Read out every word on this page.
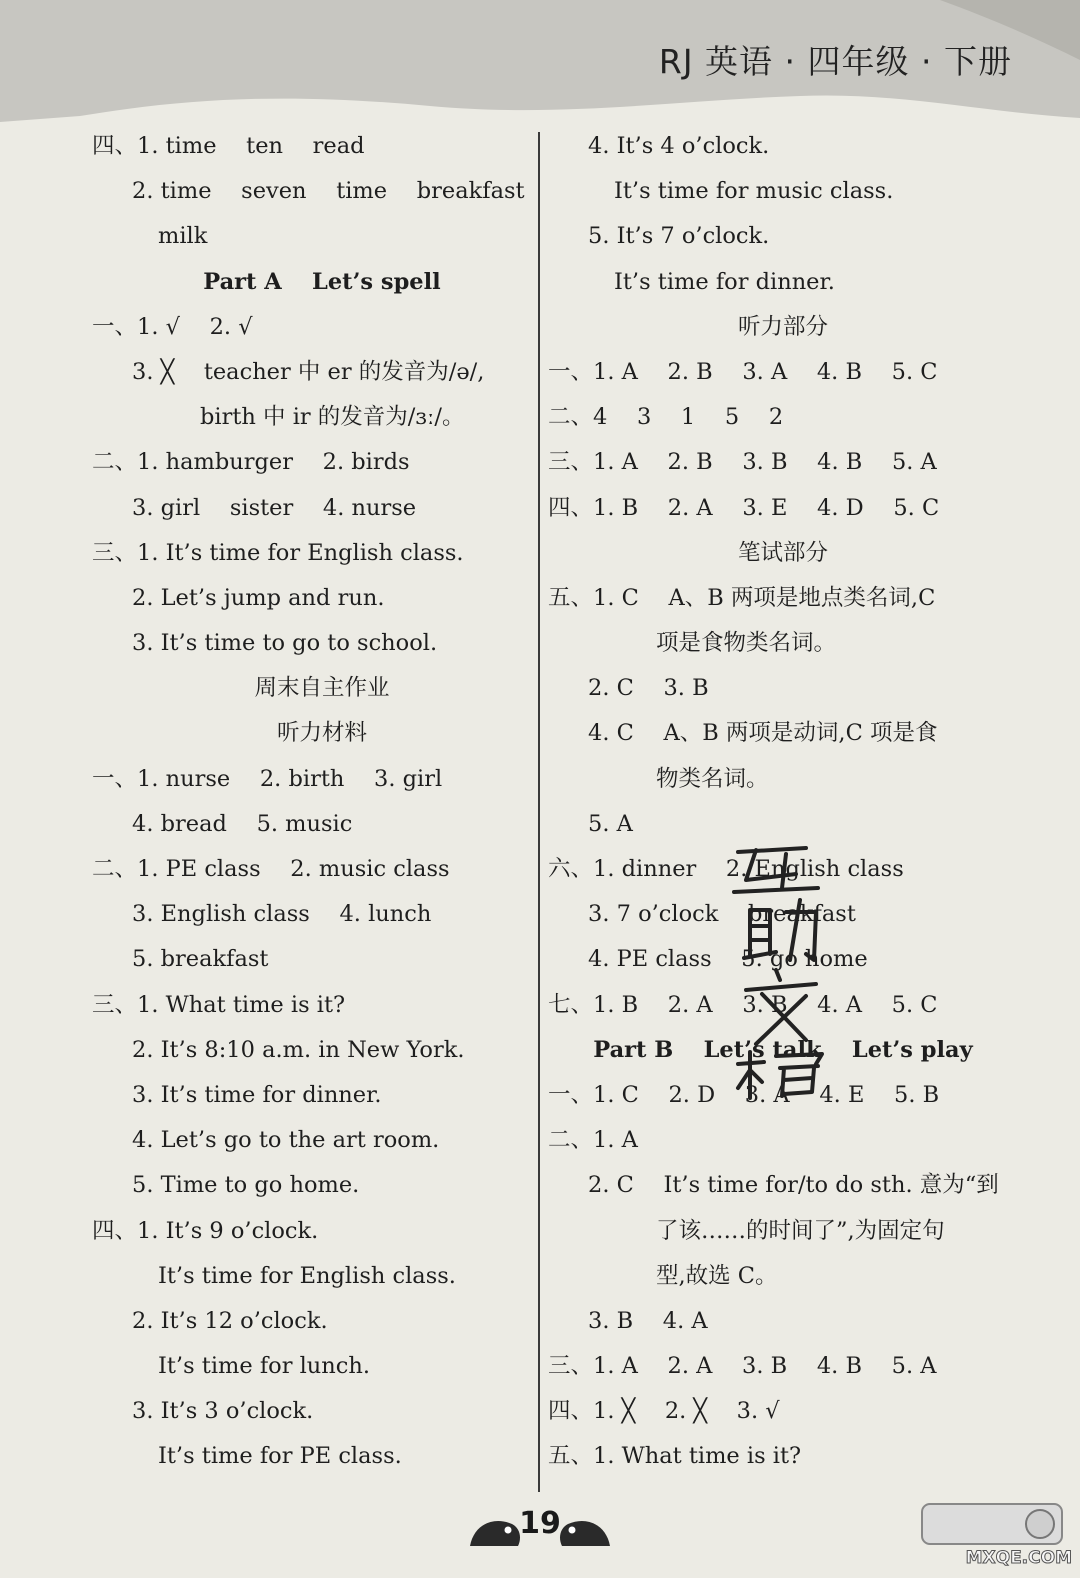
RJ 英语 · 四年级 · 下册
四、1. time　 ten　 read
2. time　 seven　 time　 breakfast
milk
Part A　 Let’s spell
一、1. √　 2. √
3. ╳　 teacher 中 er 的发音为/ə/,
birth 中 ir 的发音为/ɜː/。
二、1. hamburger　 2. birds
3. girl　 sister　 4. nurse
三、1. It’s time for English class.
2. Let’s jump and run.
3. It’s time to go to school.
周末自主作业
听力材料
一、1. nurse　 2. birth　 3. girl
4. bread　 5. music
二、1. PE class　 2. music class
3. English class　 4. lunch
5. breakfast
三、1. What time is it?
2. It’s 8:10 a.m. in New York.
3. It’s time for dinner.
4. Let’s go to the art room.
5. Time to go home.
四、1. It’s 9 o’clock.
It’s time for English class.
2. It’s 12 o’clock.
It’s time for lunch.
3. It’s 3 o’clock.
It’s time for PE class.
4. It’s 4 o’clock.
It’s time for music class.
5. It’s 7 o’clock.
It’s time for dinner.
听力部分
一、1. A　 2. B　 3. A　 4. B　 5. C
二、4　 3　 1　 5　 2
三、1. A　 2. B　 3. B　 4. B　 5. A
四、1. B　 2. A　 3. E　 4. D　 5. C
笔试部分
五、1. C　 A、B 两项是地点类名词,C
项是食物类名词。
2. C　 3. B
4. C　 A、B 两项是动词,C 项是食
物类名词。
5. A
六、1. dinner　 2. English class
3. 7 o’clock　 breakfast
4. PE class　 5. go home
七、1. B　 2. A　 3. B　 4. A　 5. C
Part B　 Let’s talk　 Let’s play
一、1. C　 2. D　 3. A　 4. E　 5. B
二、1. A
2. C　 It’s time for/to do sth. 意为“到
了该……的时间了”,为固定句
型,故选 C。
3. B　 4. A
三、1. A　 2. A　 3. B　 4. B　 5. A
四、1. ╳　 2. ╳　 3. √
五、1. What time is it?
19
MXQE.COM
